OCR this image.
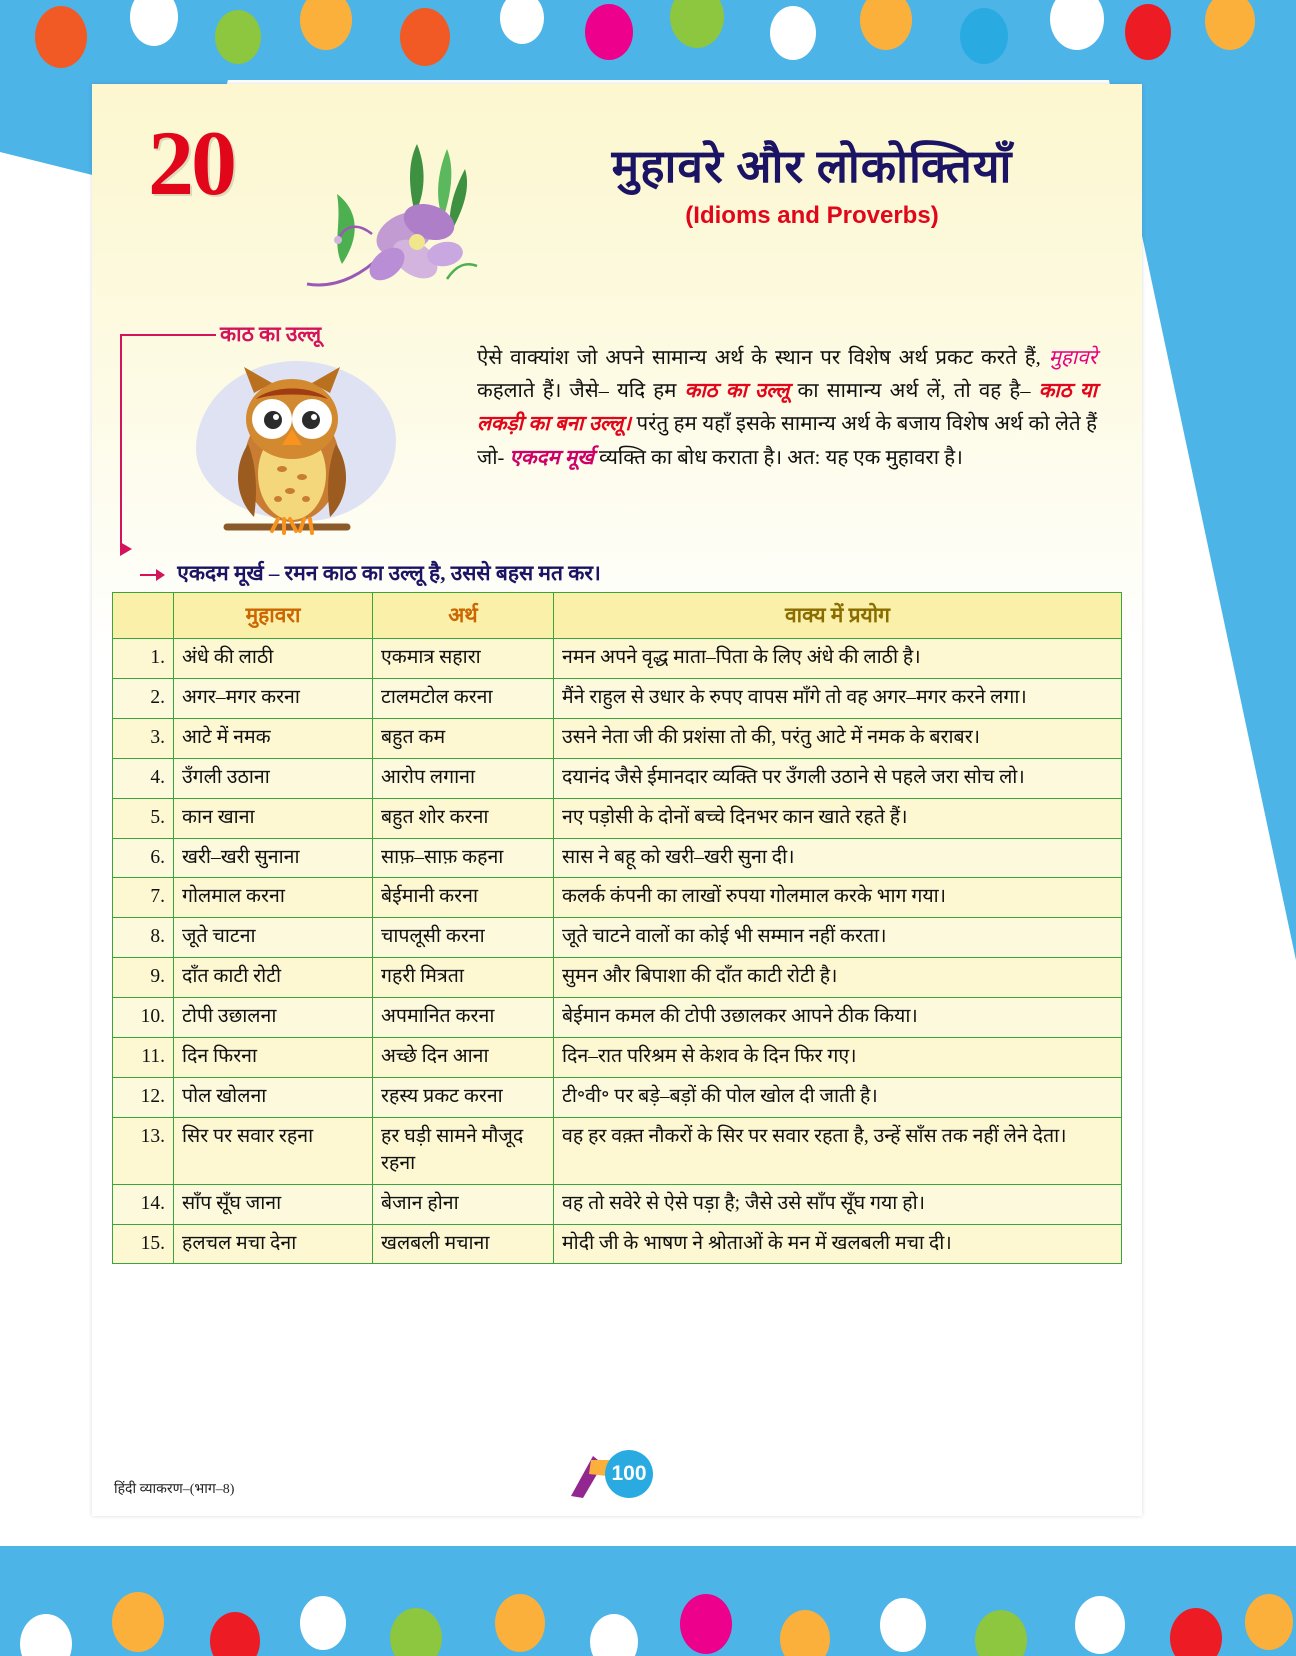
20	मुहावरे और लोकोक्तियाँ
(Idioms and Proverbs)
काठ का उल्लू
ऐसे वाक्यांश जो अपने सामान्य अर्थ के स्थान पर विशेष अर्थ प्रकट करते हैं, मुहावरे कहलाते हैं। जैसे– यदि हम काठ का उल्लू का सामान्य अर्थ लें, तो वह है– काठ या लकड़ी का बना उल्लू। परंतु हम यहाँ इसके सामान्य अर्थ के बजाय विशेष अर्थ को लेते हैं जो- एकदम मूर्ख व्यक्ति का बोध कराता है। अत: यह एक मुहावरा है।
एकदम मूर्ख – रमन काठ का उल्लू है, उससे बहस मत कर।
	मुहावरा	अर्थ	वाक्य में प्रयोग
1.	अंधे की लाठी	एकमात्र सहारा	नमन अपने वृद्ध माता–पिता के लिए अंधे की लाठी है।
2.	अगर–मगर करना	टालमटोल करना	मैंने राहुल से उधार के रुपए वापस माँगे तो वह अगर–मगर करने लगा।
3.	आटे में नमक	बहुत कम	उसने नेता जी की प्रशंसा तो की, परंतु आटे में नमक के बराबर।
4.	उँगली उठाना	आरोप लगाना	दयानंद जैसे ईमानदार व्यक्ति पर उँगली उठाने से पहले जरा सोच लो।
5.	कान खाना	बहुत शोर करना	नए पड़ोसी के दोनों बच्चे दिनभर कान खाते रहते हैं।
6.	खरी–खरी सुनाना	साफ़–साफ़ कहना	सास ने बहू को खरी–खरी सुना दी।
7.	गोलमाल करना	बेईमानी करना	कलर्क कंपनी का लाखों रुपया गोलमाल करके भाग गया।
8.	जूते चाटना	चापलूसी करना	जूते चाटने वालों का कोई भी सम्मान नहीं करता।
9.	दाँत काटी रोटी	गहरी मित्रता	सुमन और बिपाशा की दाँत काटी रोटी है।
10.	टोपी उछालना	अपमानित करना	बेईमान कमल की टोपी उछालकर आपने ठीक किया।
11.	दिन फिरना	अच्छे दिन आना	दिन–रात परिश्रम से केशव के दिन फिर गए।
12.	पोल खोलना	रहस्य प्रकट करना	टी॰वी॰ पर बड़े–बड़ों की पोल खोल दी जाती है।
13.	सिर पर सवार रहना	हर घड़ी सामने मौजूद रहना	वह हर वक़्त नौकरों के सिर पर सवार रहता है, उन्हें साँस तक नहीं लेने देता।
14.	साँप सूँघ जाना	बेजान होना	वह तो सवेरे से ऐसे पड़ा है; जैसे उसे साँप सूँघ गया हो।
15.	हलचल मचा देना	खलबली मचाना	मोदी जी के भाषण ने श्रोताओं के मन में खलबली मचा दी।
हिंदी व्याकरण–(भाग–8)
100
